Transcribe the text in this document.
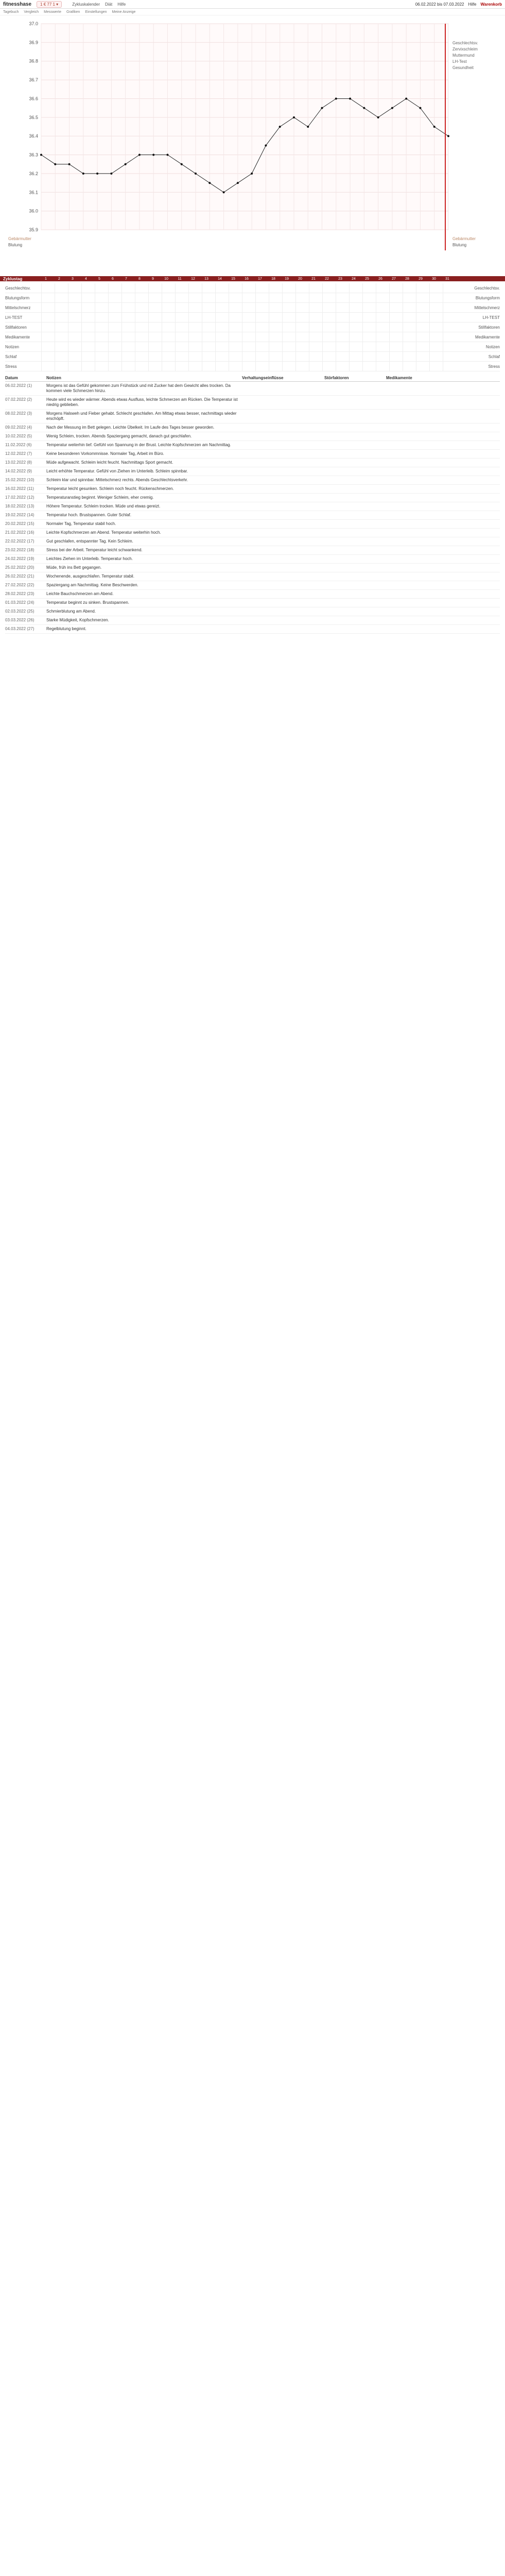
fitnesshase	1 € 77 1 ▾	Zykluskalender Diät Hilfe	06.02.2022 bis 07.03.2022 Hilfe Warenkorb
Tagebuch Vergleich Messwerte Grafiken Einstellungen Meine Anzeige
37.0
36.9
36.8
36.7
36.6
36.5
36.4
36.3
36.2
36.1
36.0
35.9
Geschlechtsv.
Zervixschleim
Muttermund
LH-Test
Gesundheit
Gebärmutter
Blutung
Gebärmutter
Blutung
Zyklustag	1	2	3	4	5	6	7	8	9	10	11	12	13	14	15	16	17	18	19	20	21	22	23	24	25	26	27	28	29	30	31
Geschlechtsv.	Geschlechtsv.
Blutungsform	Blutungsform
Mittelschmerz	Mittelschmerz
LH-TEST	LH-TEST
Stillfaktoren	Stillfaktoren
Medikamente	Medikamente
Notizen	Notizen
Schlaf	Schlaf
Stress	Stress
Datum	Notizen	Verhaltungseinflüsse	Störfaktoren	Medikamente
06.02.2022 (1)	Morgens ist das Gefühl gekommen zum Frühstück und mit Zucker hat dem Gewicht alles trocken. Da kommen viele Schmerzen hinzu.
07.02.2022 (2)	Heute wird es wieder wärmer. Abends etwas Ausfluss, leichte Schmerzen am Rücken. Die Temperatur ist niedrig geblieben.
08.02.2022 (3)	Morgens Halsweh und Fieber gehabt. Schlecht geschlafen. Am Mittag etwas besser, nachmittags wieder erschöpft.
09.02.2022 (4)	Nach der Messung im Bett gelegen. Leichte Übelkeit. Im Laufe des Tages besser geworden.
10.02.2022 (5)	Wenig Schleim, trocken. Abends Spaziergang gemacht, danach gut geschlafen.
11.02.2022 (6)	Temperatur weiterhin tief. Gefühl von Spannung in der Brust. Leichte Kopfschmerzen am Nachmittag.
12.02.2022 (7)	Keine besonderen Vorkommnisse. Normaler Tag, Arbeit im Büro.
13.02.2022 (8)	Müde aufgewacht. Schleim leicht feucht. Nachmittags Sport gemacht.
14.02.2022 (9)	Leicht erhöhte Temperatur. Gefühl von Ziehen im Unterleib. Schleim spinnbar.
15.02.2022 (10)	Schleim klar und spinnbar. Mittelschmerz rechts. Abends Geschlechtsverkehr.
16.02.2022 (11)	Temperatur leicht gesunken. Schleim noch feucht. Rückenschmerzen.
17.02.2022 (12)	Temperaturanstieg beginnt. Weniger Schleim, eher cremig.
18.02.2022 (13)	Höhere Temperatur. Schleim trocken. Müde und etwas gereizt.
19.02.2022 (14)	Temperatur hoch. Brustspannen. Guter Schlaf.
20.02.2022 (15)	Normaler Tag, Temperatur stabil hoch.
21.02.2022 (16)	Leichte Kopfschmerzen am Abend. Temperatur weiterhin hoch.
22.02.2022 (17)	Gut geschlafen, entspannter Tag. Kein Schleim.
23.02.2022 (18)	Stress bei der Arbeit. Temperatur leicht schwankend.
24.02.2022 (19)	Leichtes Ziehen im Unterleib. Temperatur hoch.
25.02.2022 (20)	Müde, früh ins Bett gegangen.
26.02.2022 (21)	Wochenende, ausgeschlafen. Temperatur stabil.
27.02.2022 (22)	Spaziergang am Nachmittag. Keine Beschwerden.
28.02.2022 (23)	Leichte Bauchschmerzen am Abend.
01.03.2022 (24)	Temperatur beginnt zu sinken. Brustspannen.
02.03.2022 (25)	Schmierblutung am Abend.
03.03.2022 (26)	Starke Müdigkeit, Kopfschmerzen.
04.03.2022 (27)	Regelblutung beginnt.
